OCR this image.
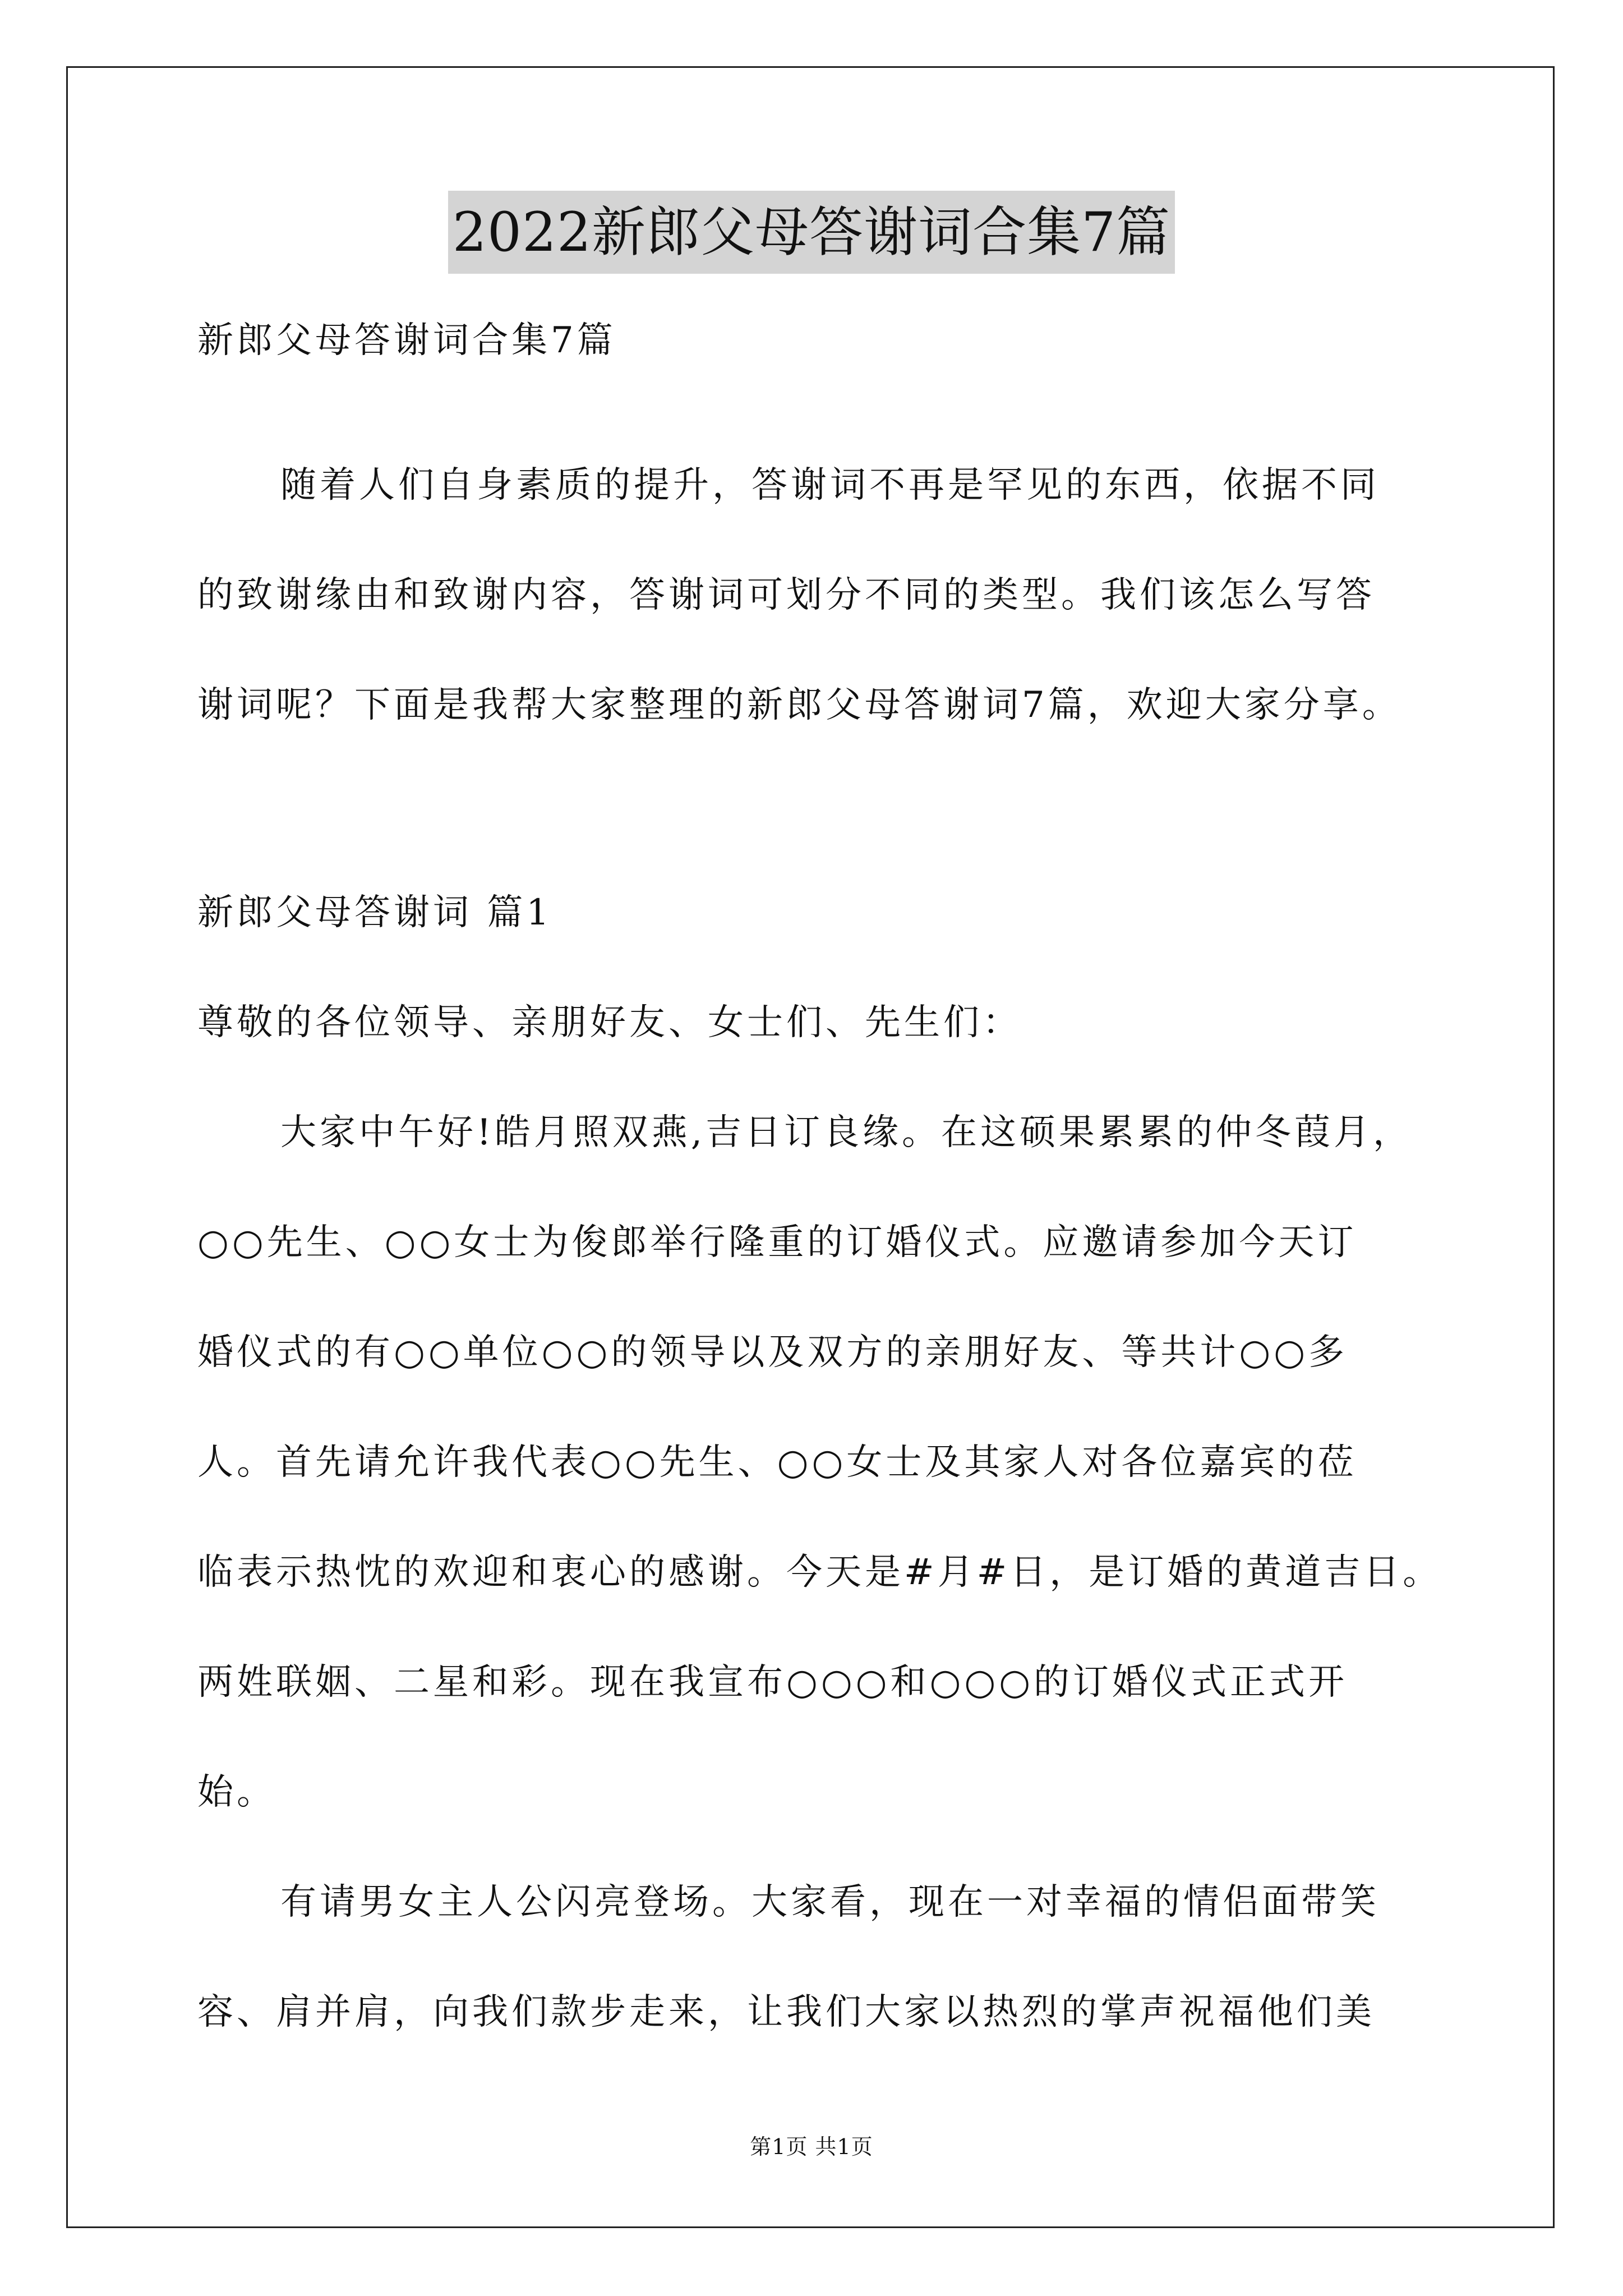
2022新郎父母答谢词合集7篇
新郎父母答谢词合集7篇
随着人们自身素质的提升，答谢词不再是罕见的东西，依据不同
的致谢缘由和致谢内容，答谢词可划分不同的类型。我们该怎么写答
谢词呢？下面是我帮大家整理的新郎父母答谢词7篇，欢迎大家分享。
新郎父母答谢词 篇1
尊敬的各位领导、亲朋好友、女士们、先生们：
大家中午好!皓月照双燕,吉日订良缘。在这硕果累累的仲冬葭月，
○○先生、○○女士为俊郎举行隆重的订婚仪式。应邀请参加今天订
婚仪式的有○○单位○○的领导以及双方的亲朋好友、等共计○○多
人。首先请允许我代表○○先生、○○女士及其家人对各位嘉宾的莅
临表示热忱的欢迎和衷心的感谢。今天是#月#日，是订婚的黄道吉日。
两姓联姻、二星和彩。现在我宣布○○○和○○○的订婚仪式正式开
始。
有请男女主人公闪亮登场。大家看，现在一对幸福的情侣面带笑
容、肩并肩，向我们款步走来，让我们大家以热烈的掌声祝福他们美
第1页 共1页
